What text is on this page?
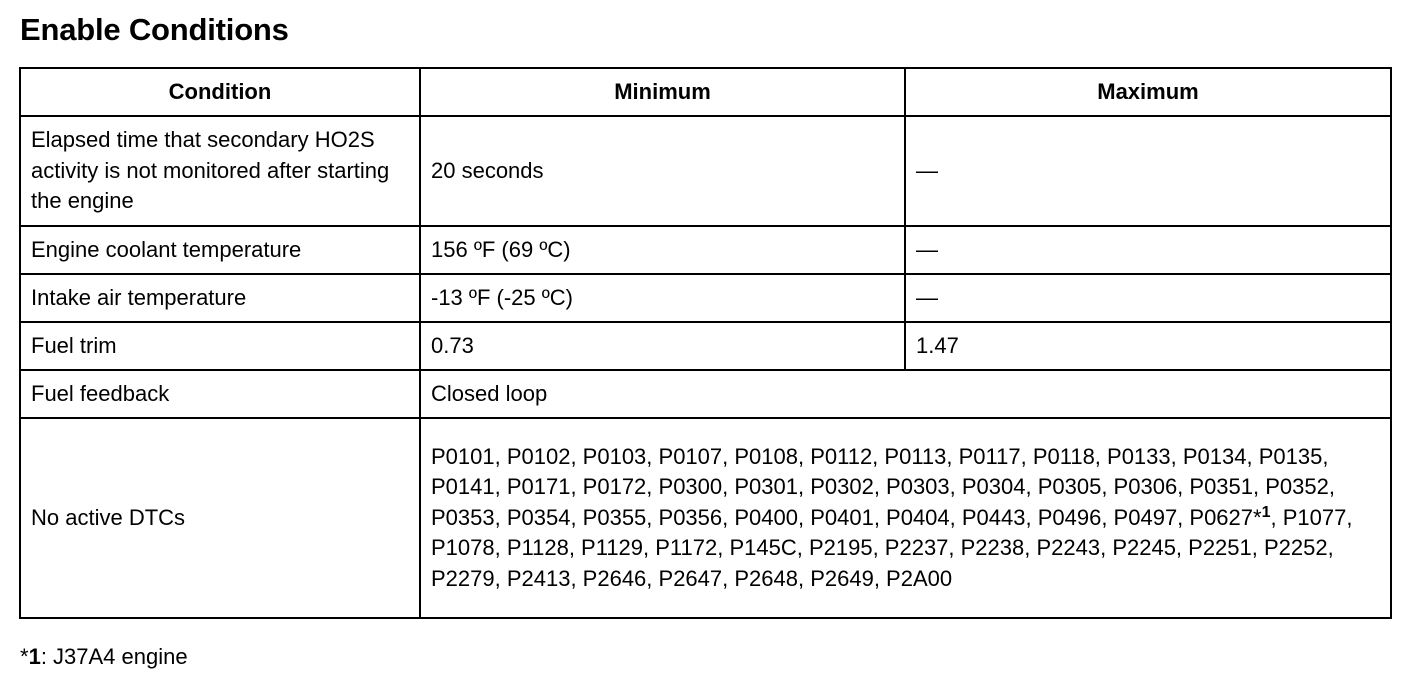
Enable Conditions
Condition	Minimum	Maximum
Elapsed time that secondary HO2S activity is not monitored after starting the engine	20 seconds	—
Engine coolant temperature	156 ºF (69 ºC)	—
Intake air temperature	-13 ºF (-25 ºC)	—
Fuel trim	0.73	1.47
Fuel feedback	Closed loop	
No active DTCs	P0101, P0102, P0103, P0107, P0108, P0112, P0113, P0117, P0118, P0133, P0134, P0135, P0141, P0171, P0172, P0300, P0301, P0302, P0303, P0304, P0305, P0306, P0351, P0352, P0353, P0354, P0355, P0356, P0400, P0401, P0404, P0443, P0496, P0497, P0627*$^1$, P1077, P1078, P1128, P1129, P1172, P145C, P2195, P2237, P2238, P2243, P2245, P2251, P2252, P2279, P2413, P2646, P2647, P2648, P2649, P2A00	

*1: J37A4 engine
